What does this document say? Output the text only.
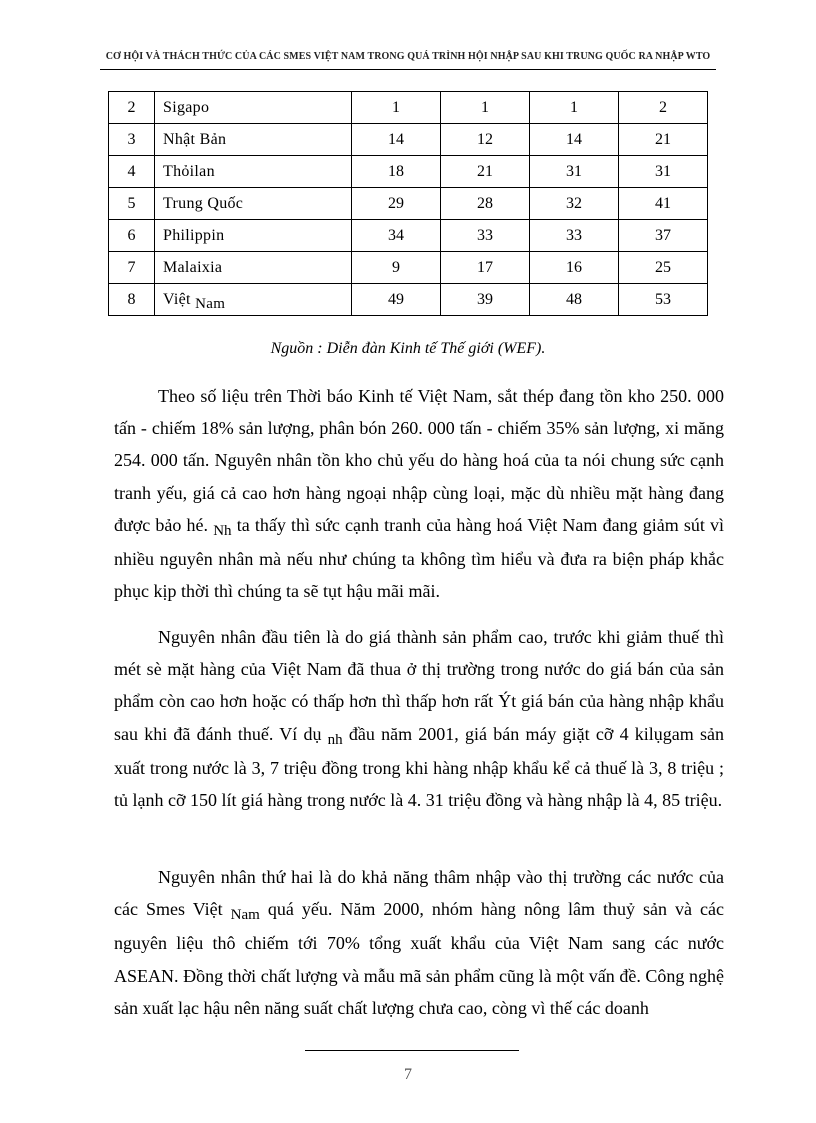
CƠ HỘI VÀ THÁCH THỨC CỦA CÁC SMES VIỆT NAM TRONG QUÁ TRÌNH HỘI NHẬP SAU KHI TRUNG QUỐC RA NHẬP WTO
2	Sigapo	1	1	1	2
3	Nhật Bản	14	12	14	21
4	Thỏilan	18	21	31	31
5	Trung Quốc	29	28	32	41
6	Philippin	34	33	33	37
7	Malaixia	9	17	16	25
8	Việt Nam	49	39	48	53
Nguồn : Diễn đàn Kinh tế Thế giới (WEF).

Theo số liệu trên Thời báo Kinh tế Việt Nam, sắt thép đang tồn kho 250. 000 tấn - chiếm 18% sản lượng, phân bón 260. 000 tấn - chiếm 35% sản lượng, xi măng 254. 000 tấn. Nguyên nhân tồn kho chủ yếu do hàng hoá của ta nói chung sức cạnh tranh yếu, giá cả cao hơn hàng ngoại nhập cùng loại, mặc dù nhiều mặt hàng đang được bảo hé. $_{Nh}$ ta thấy thì sức cạnh tranh của hàng hoá Việt Nam đang giảm sút vì nhiều nguyên nhân mà nếu như chúng ta không tìm hiểu và đưa ra biện pháp khắc phục kịp thời thì chúng ta sẽ tụt hậu mãi mãi.

Nguyên nhân đầu tiên là do giá thành sản phẩm cao, trước khi giảm thuế thì mét sè mặt hàng của Việt Nam đã thua ở thị trường trong nước do giá bán của sản phẩm còn cao hơn hoặc có thấp hơn thì thấp hơn rất Ýt giá bán của hàng nhập khẩu sau khi đã đánh thuế. Ví dụ $_{nh}$ đầu năm 2001, giá bán máy giặt cỡ 4 kilụgam sản xuất trong nước là 3, 7 triệu đồng trong khi hàng nhập khẩu kể cả thuế là 3, 8 triệu ; tủ lạnh cỡ 150 lít giá hàng trong nước là 4. 31 triệu đồng và hàng nhập là 4, 85 triệu.

Nguyên nhân thứ hai là do khả năng thâm nhập vào thị trường các nước của các Smes Việt $_{Nam}$ quá yếu. Năm 2000, nhóm hàng nông lâm thuỷ sản và các nguyên liệu thô chiếm tới 70% tổng xuất khẩu của Việt Nam sang các nước ASEAN. Đồng thời chất lượng và mẫu mã sản phẩm cũng là một vấn đề. Công nghệ sản xuất lạc hậu nên năng suất chất lượng chưa cao, còng vì thế các doanh

7
